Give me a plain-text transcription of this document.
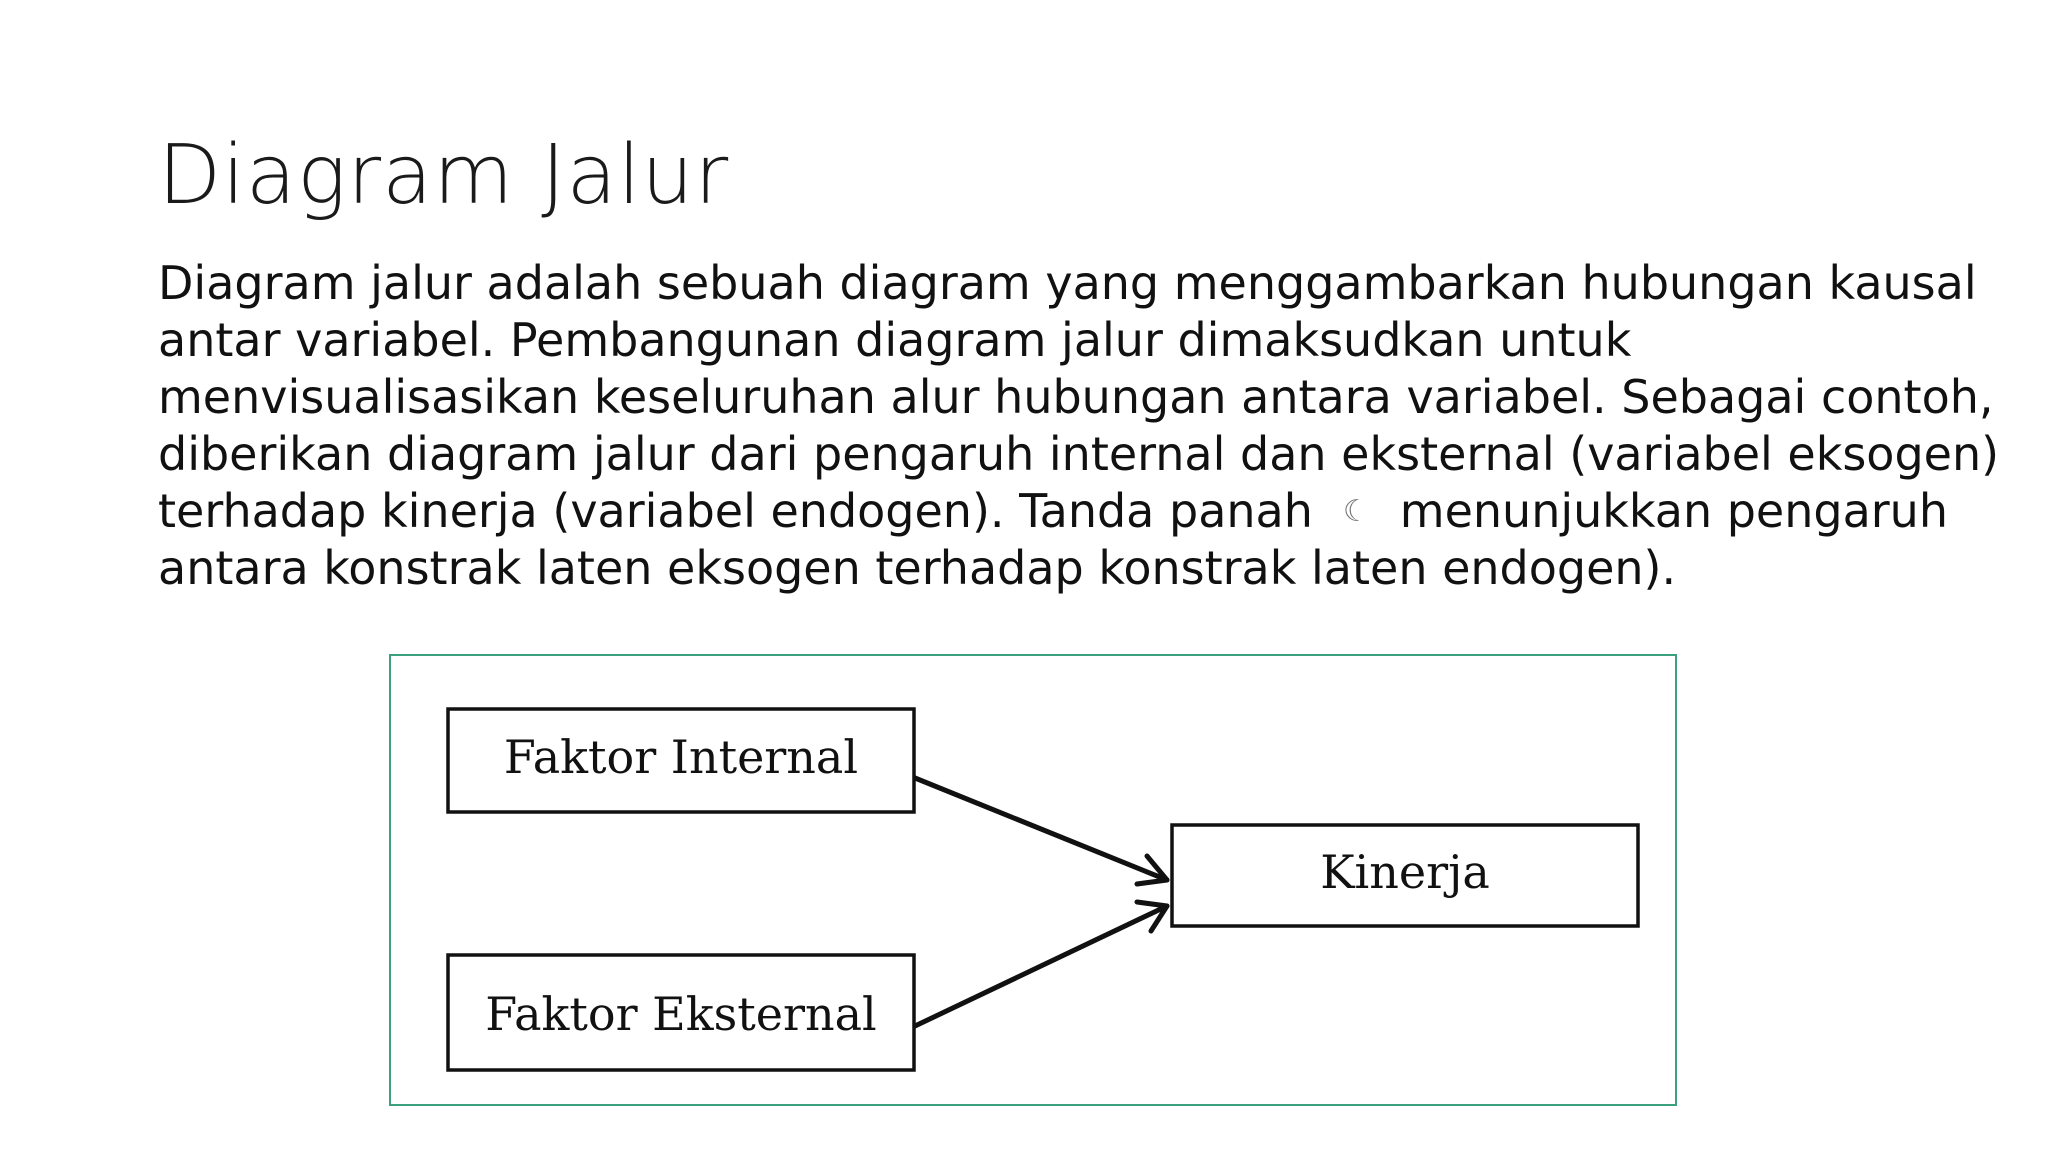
Diagram Jalur
Diagram jalur adalah sebuah diagram yang menggambarkan hubungan kausal
antar variabel. Pembangunan diagram jalur dimaksudkan untuk
menvisualisasikan keseluruhan alur hubungan antara variabel. Sebagai contoh,
diberikan diagram jalur dari pengaruh internal dan eksternal (variabel eksogen)
terhadap kinerja (variabel endogen). Tanda panah ☾ menunjukkan pengaruh
antara konstrak laten eksogen terhadap konstrak laten endogen).
Faktor Internal
Faktor Eksternal
Kinerja
